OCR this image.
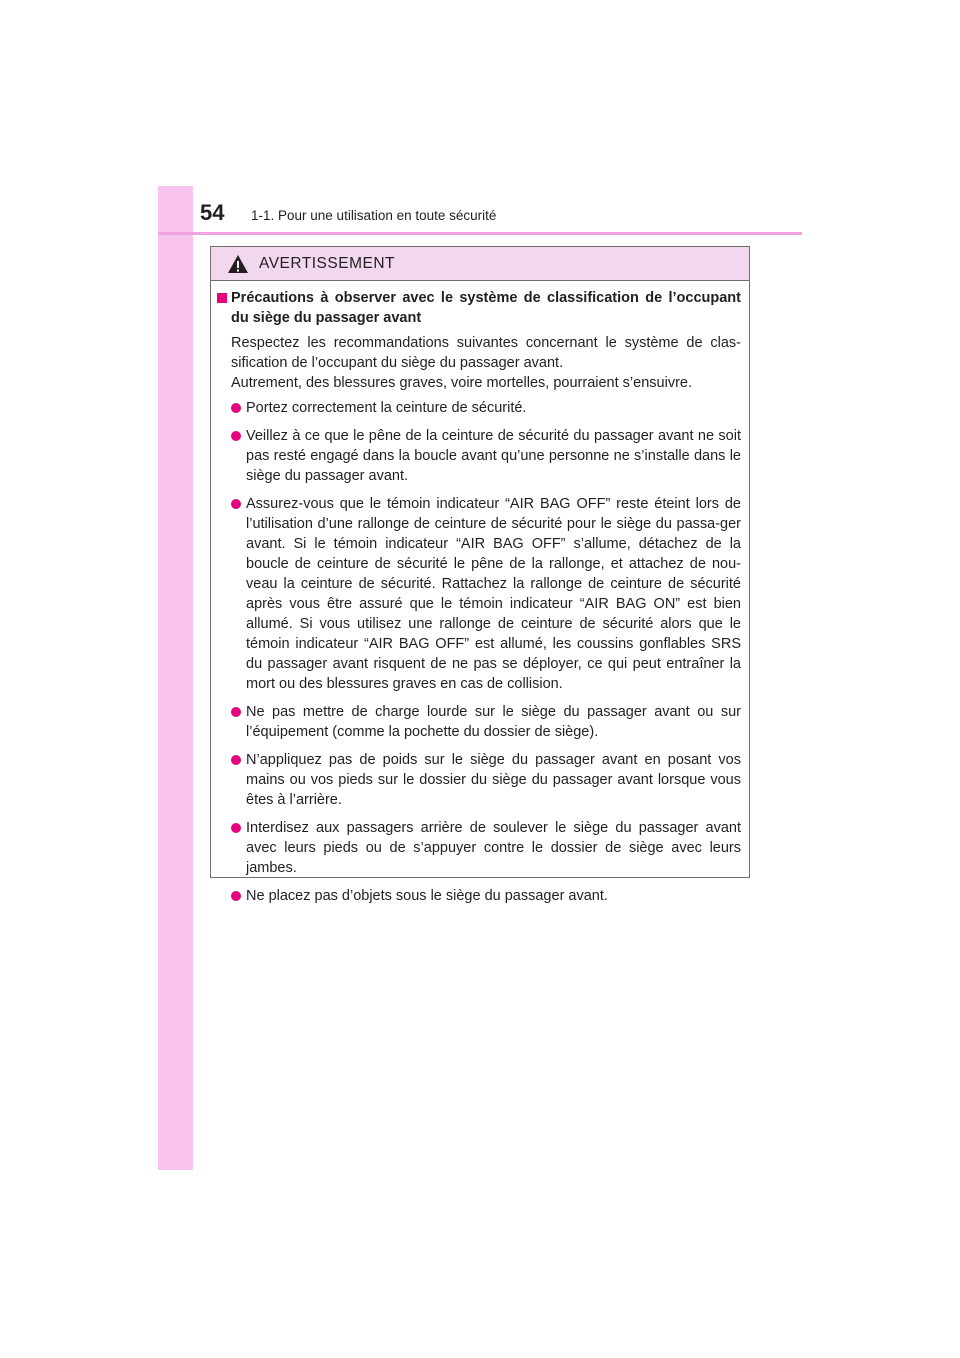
54 1-1. Pour une utilisation en toute sécurité
AVERTISSEMENT
Précautions à observer avec le système de classification de l’occupant du siège du passager avant

Respectez les recommandations suivantes concernant le système de clas-sification de l’occupant du siège du passager avant.

Autrement, des blessures graves, voire mortelles, pourraient s’ensuivre.

Portez correctement la ceinture de sécurité.
Veillez à ce que le pêne de la ceinture de sécurité du passager avant ne soit pas resté engagé dans la boucle avant qu’une personne ne s’installe dans le siège du passager avant.
Assurez-vous que le témoin indicateur “AIR BAG OFF” reste éteint lors de l’utilisation d’une rallonge de ceinture de sécurité pour le siège du passa-ger avant. Si le témoin indicateur “AIR BAG OFF” s’allume, détachez de la boucle de ceinture de sécurité le pêne de la rallonge, et attachez de nou-veau la ceinture de sécurité. Rattachez la rallonge de ceinture de sécurité après vous être assuré que le témoin indicateur “AIR BAG ON” est bien allumé. Si vous utilisez une rallonge de ceinture de sécurité alors que le témoin indicateur “AIR BAG OFF” est allumé, les coussins gonflables SRS du passager avant risquent de ne pas se déployer, ce qui peut entraîner la mort ou des blessures graves en cas de collision.
Ne pas mettre de charge lourde sur le siège du passager avant ou sur l’équipement (comme la pochette du dossier de siège).
N’appliquez pas de poids sur le siège du passager avant en posant vos mains ou vos pieds sur le dossier du siège du passager avant lorsque vous êtes à l’arrière.
Interdisez aux passagers arrière de soulever le siège du passager avant avec leurs pieds ou de s’appuyer contre le dossier de siège avec leurs jambes.
Ne placez pas d’objets sous le siège du passager avant.
